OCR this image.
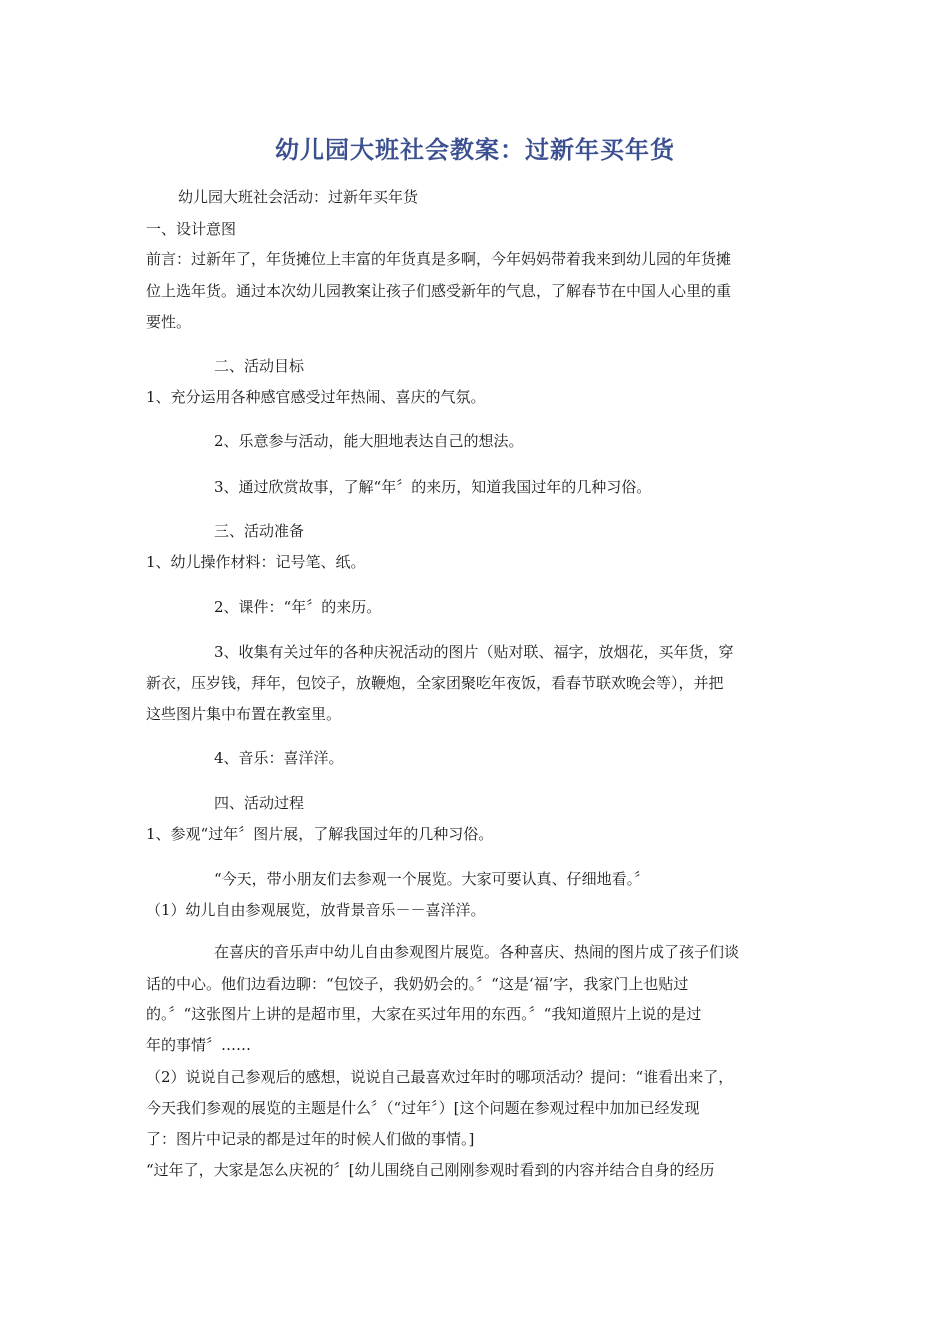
幼儿园大班社会教案：过新年买年货
幼儿园大班社会活动：过新年买年货
一、设计意图
前言：过新年了，年货摊位上丰富的年货真是多啊，今年妈妈带着我来到幼儿园的年货摊
位上选年货。通过本次幼儿园教案让孩子们感受新年的气息，了解春节在中国人心里的重
要性。
二、活动目标
1、充分运用各种感官感受过年热闹、喜庆的气氛。
2、乐意参与活动，能大胆地表达自己的想法。
3、通过欣赏故事，了解“年〞的来历，知道我国过年的几种习俗。
三、活动准备
1、幼儿操作材料：记号笔、纸。
2、课件：“年〞的来历。
3、收集有关过年的各种庆祝活动的图片（贴对联、福字，放烟花，买年货，穿
新衣，压岁钱，拜年，包饺子，放鞭炮，全家团聚吃年夜饭，看春节联欢晚会等），并把
这些图片集中布置在教室里。
4、音乐：喜洋洋。
四、活动过程
1、参观“过年〞图片展，了解我国过年的几种习俗。
“今天，带小朋友们去参观一个展览。大家可要认真、仔细地看。〞
（1）幼儿自由参观展览，放背景音乐－－喜洋洋。
在喜庆的音乐声中幼儿自由参观图片展览。各种喜庆、热闹的图片成了孩子们谈
话的中心。他们边看边聊：“包饺子，我奶奶会的。〞“这是‘福’字，我家门上也贴过
的。〞“这张图片上讲的是超市里，大家在买过年用的东西。〞“我知道照片上说的是过
年的事情〞……
（2）说说自己参观后的感想，说说自己最喜欢过年时的哪项活动？提问：“谁看出来了，
今天我们参观的展览的主题是什么〞（“过年〞）[这个问题在参观过程中加加已经发现
了：图片中记录的都是过年的时候人们做的事情。]
“过年了，大家是怎么庆祝的〞[幼儿围绕自己刚刚参观时看到的内容并结合自身的经历
